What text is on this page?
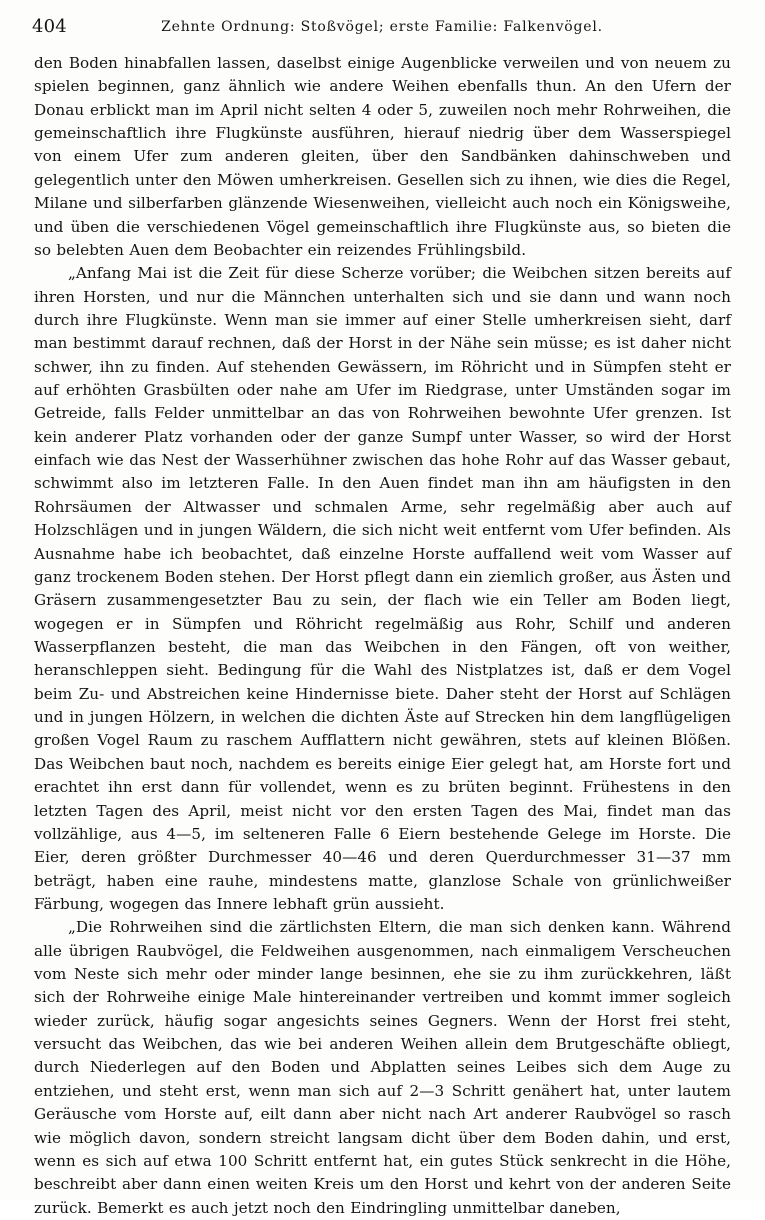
404	Zehnte Ordnung: Stoßvögel; erste Familie: Falkenvögel.

den Boden hinabfallen lassen, daselbst einige Augenblicke verweilen und von neuem zu spielen beginnen, ganz ähnlich wie andere Weihen ebenfalls thun. An den Ufern der Donau erblickt man im April nicht selten 4 oder 5, zuweilen noch mehr Rohrweihen, die gemeinschaftlich ihre Flugkünste ausführen, hierauf niedrig über dem Wasserspiegel von einem Ufer zum anderen gleiten, über den Sandbänken dahinschweben und gelegentlich unter den Möwen umherkreisen. Gesellen sich zu ihnen, wie dies die Regel, Milane und silberfarben glänzende Wiesenweihen, vielleicht auch noch ein Königsweihe, und üben die verschiedenen Vögel gemeinschaftlich ihre Flugkünste aus, so bieten die so belebten Auen dem Beobachter ein reizendes Frühlingsbild.

„Anfang Mai ist die Zeit für diese Scherze vorüber; die Weibchen sitzen bereits auf ihren Horsten, und nur die Männchen unterhalten sich und sie dann und wann noch durch ihre Flugkünste. Wenn man sie immer auf einer Stelle umherkreisen sieht, darf man bestimmt darauf rechnen, daß der Horst in der Nähe sein müsse; es ist daher nicht schwer, ihn zu finden. Auf stehenden Gewässern, im Röhricht und in Sümpfen steht er auf erhöhten Grasbülten oder nahe am Ufer im Riedgrase, unter Umständen sogar im Getreide, falls Felder unmittelbar an das von Rohrweihen bewohnte Ufer grenzen. Ist kein anderer Platz vorhanden oder der ganze Sumpf unter Wasser, so wird der Horst einfach wie das Nest der Wasserhühner zwischen das hohe Rohr auf das Wasser gebaut, schwimmt also im letzteren Falle. In den Auen findet man ihn am häufigsten in den Rohrsäumen der Altwasser und schmalen Arme, sehr regelmäßig aber auch auf Holzschlägen und in jungen Wäldern, die sich nicht weit entfernt vom Ufer befinden. Als Ausnahme habe ich beobachtet, daß einzelne Horste auffallend weit vom Wasser auf ganz trockenem Boden stehen. Der Horst pflegt dann ein ziemlich großer, aus Ästen und Gräsern zusammengesetzter Bau zu sein, der flach wie ein Teller am Boden liegt, wogegen er in Sümpfen und Röhricht regelmäßig aus Rohr, Schilf und anderen Wasserpflanzen besteht, die man das Weibchen in den Fängen, oft von weither, heranschleppen sieht. Bedingung für die Wahl des Nistplatzes ist, daß er dem Vogel beim Zu- und Abstreichen keine Hindernisse biete. Daher steht der Horst auf Schlägen und in jungen Hölzern, in welchen die dichten Äste auf Strecken hin dem langflügeligen großen Vogel Raum zu raschem Aufflattern nicht gewähren, stets auf kleinen Blößen. Das Weibchen baut noch, nachdem es bereits einige Eier gelegt hat, am Horste fort und erachtet ihn erst dann für vollendet, wenn es zu brüten beginnt. Frühestens in den letzten Tagen des April, meist nicht vor den ersten Tagen des Mai, findet man das vollzählige, aus 4—5, im selteneren Falle 6 Eiern bestehende Gelege im Horste. Die Eier, deren größter Durchmesser 40—46 und deren Querdurchmesser 31—37 mm beträgt, haben eine rauhe, mindestens matte, glanzlose Schale von grünlichweißer Färbung, wogegen das Innere lebhaft grün aussieht.

„Die Rohrweihen sind die zärtlichsten Eltern, die man sich denken kann. Während alle übrigen Raubvögel, die Feldweihen ausgenommen, nach einmaligem Verscheuchen vom Neste sich mehr oder minder lange besinnen, ehe sie zu ihm zurückkehren, läßt sich der Rohrweihe einige Male hintereinander vertreiben und kommt immer sogleich wieder zurück, häufig sogar angesichts seines Gegners. Wenn der Horst frei steht, versucht das Weibchen, das wie bei anderen Weihen allein dem Brutgeschäfte obliegt, durch Niederlegen auf den Boden und Abplatten seines Leibes sich dem Auge zu entziehen, und steht erst, wenn man sich auf 2—3 Schritt genähert hat, unter lautem Geräusche vom Horste auf, eilt dann aber nicht nach Art anderer Raubvögel so rasch wie möglich davon, sondern streicht langsam dicht über dem Boden dahin, und erst, wenn es sich auf etwa 100 Schritt entfernt hat, ein gutes Stück senkrecht in die Höhe, beschreibt aber dann einen weiten Kreis um den Horst und kehrt von der anderen Seite zurück. Bemerkt es auch jetzt noch den Eindringling unmittelbar daneben,
